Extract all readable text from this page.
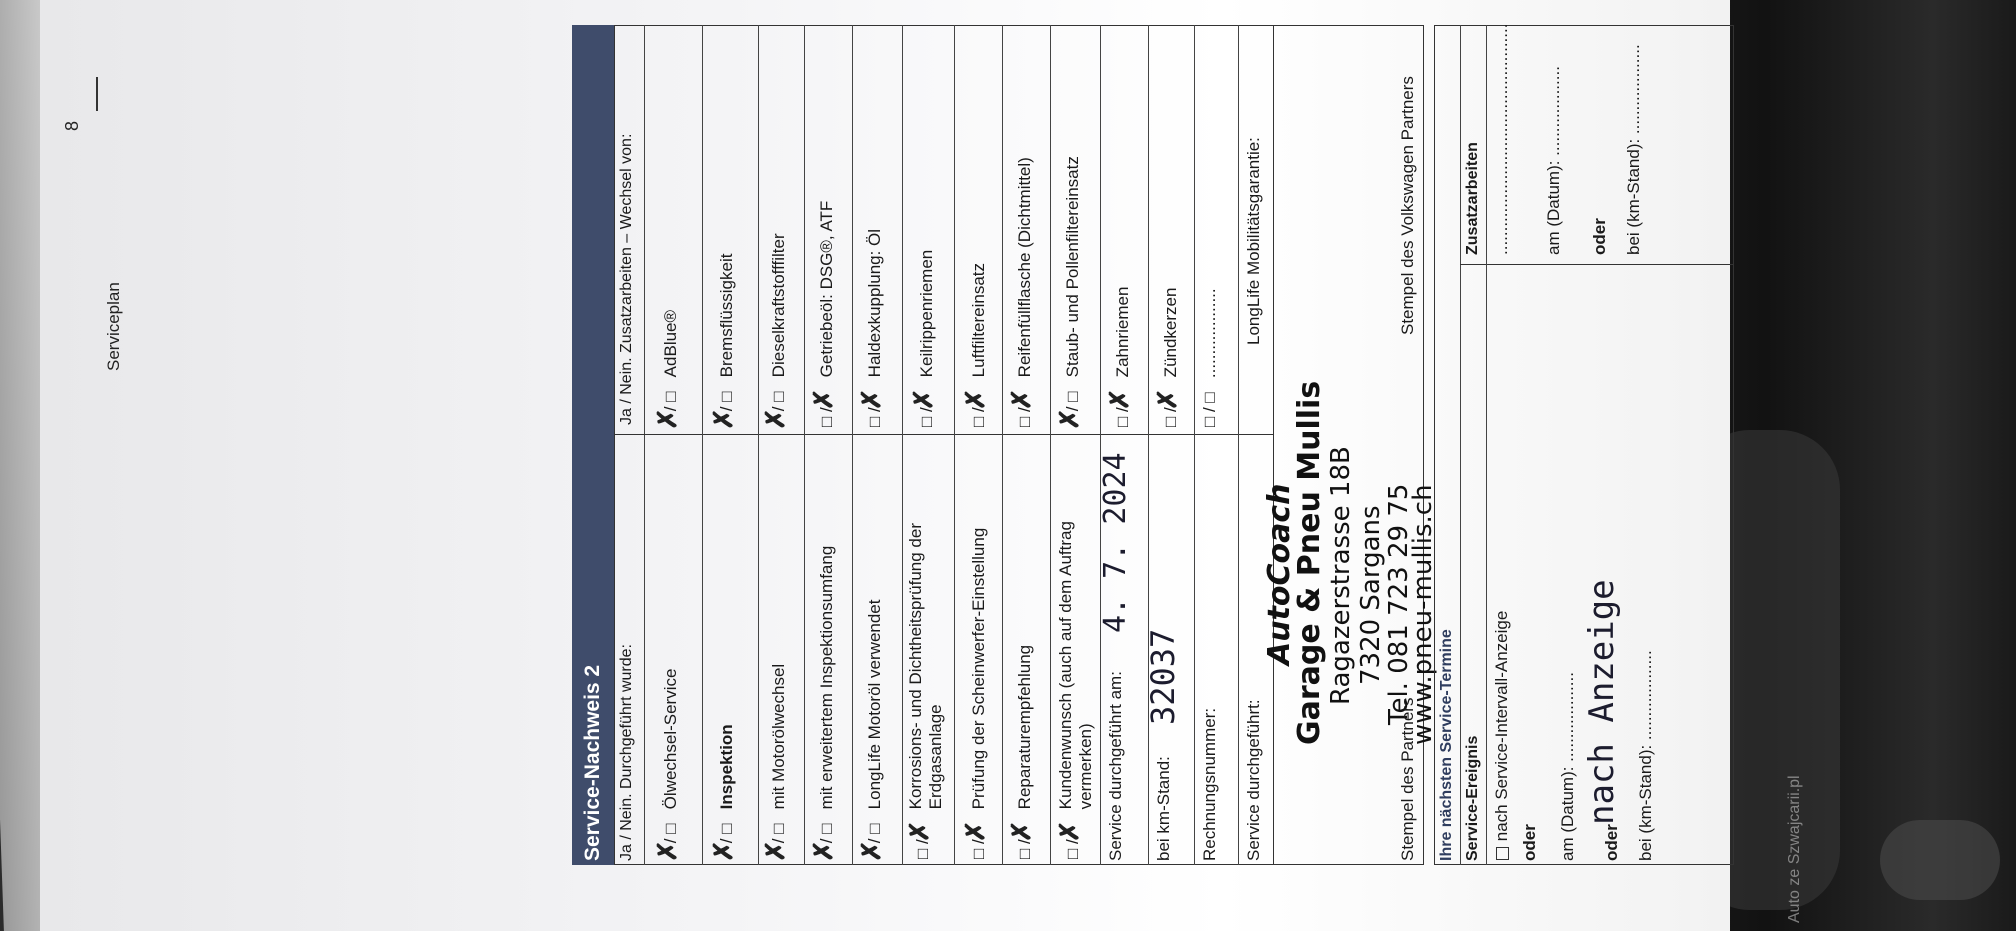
Auto ze Szwajcarii.pl
8
Serviceplan
Service-Nachweis 2 Ja / Nein. Durchgeführt wurde:
Ja / Nein. Zusatzarbeiten – Wechsel von:
✗/ □   Ölwechsel-Service
✗/ □   Inspektion
✗/ □   mit Motorölwechsel
✗/ □   mit erweitertem Inspektionsumfang
✗/ □   LongLife Motoröl verwendet
□ /✗   Korrosions- und Dichtheitsprüfung der Erdgasanlage
□ /✗   Prüfung der Scheinwerfer-Einstellung
□ /✗   Reparaturempfehlung
□ /✗   Kundenwunsch (auch auf dem Auftrag vermerken)
✗/ □   AdBlue®
✗/ □   Bremsflüssigkeit
✗/ □   Dieselkraftstofffilter
□ /✗   Getriebeöl: DSG®, ATF
□ /✗   Haldexkupplung: Öl
□ /✗   Keilrippenriemen
□ /✗   Luftfiltereinsatz
□ /✗   Reifenfüllflasche (Dichtmittel)
✗/ □   Staub- und Pollenfiltereinsatz
□ /✗   Zahnriemen
Service durchgeführt am:
4. 7. 2024
□ /✗   Zündkerzen
bei km-Stand:
32037
□ / □   ...................
Rechnungsnummer: Service durchgeführt:
LongLife Mobilitätsgarantie:
AutoCoach
Garage & Pneu Mullis Ragazerstrasse 18B 7320 Sargans
Tel. 081 723 29 75
www.pneu-mullis.ch
Stempel des Partners
Stempel des Volkswagen Partners
Ihre nächsten Service-Termine Service-Ereignis
Zusatzarbeiten
nach Service-Intervall-Anzeige
.................................................
oder
am (Datum): ...................
am (Datum): ................... nach Anzeige
oder
oder
bei (km-Stand): ...................
bei (km-Stand): ...................
